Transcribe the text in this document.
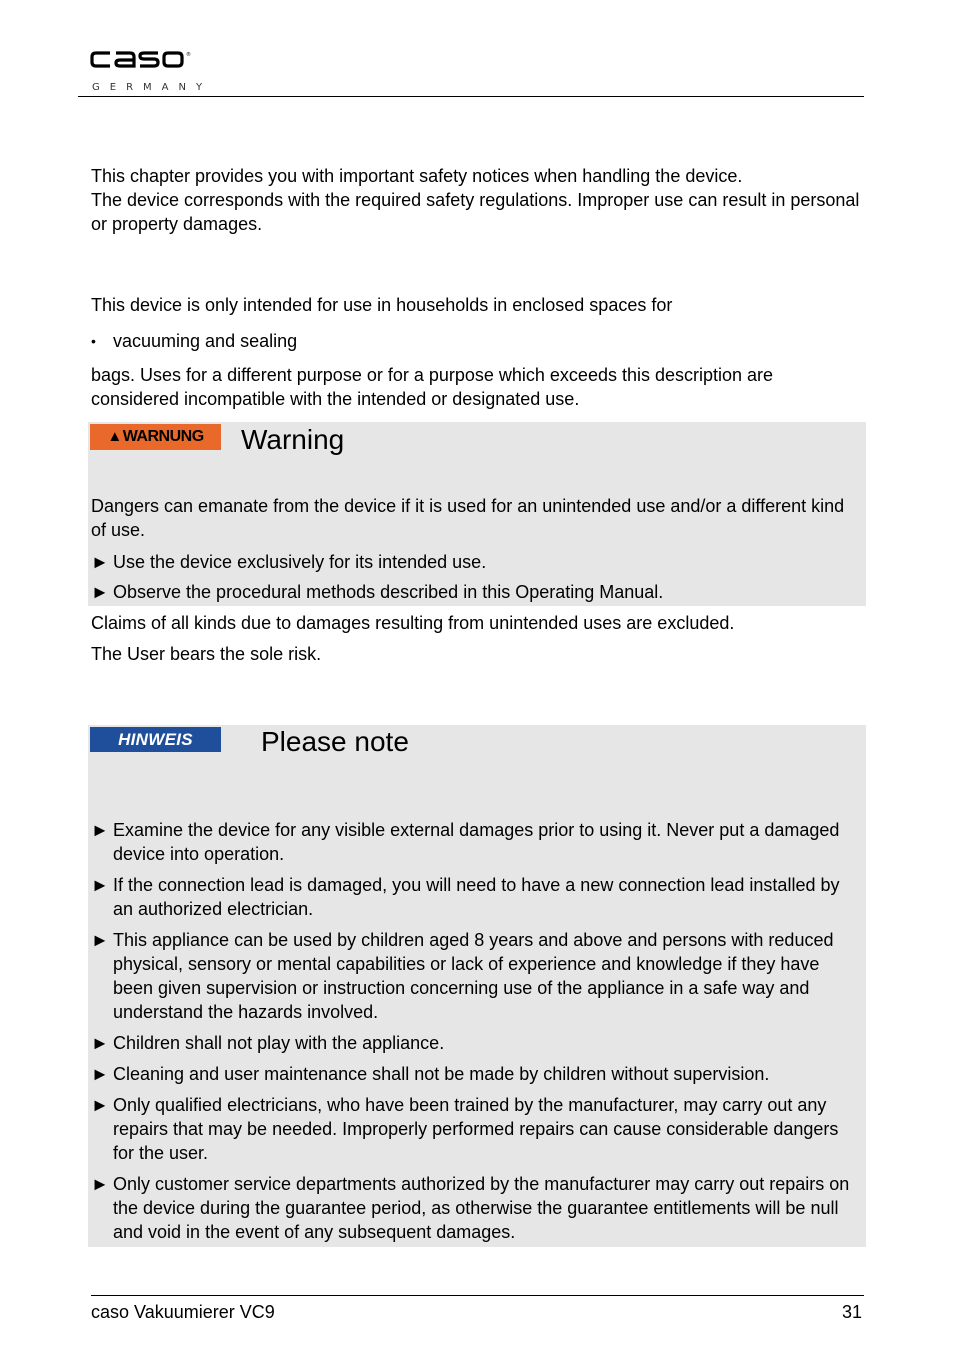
®
GERMANY

This chapter provides you with important safety notices when handling the device.
The device corresponds with the required safety regulations. Improper use can result in personal or property damages.

This device is only intended for use in households in enclosed spaces for

• vacuuming and sealing

bags. Uses for a different purpose or for a purpose which exceeds this description are considered incompatible with the intended or designated use.

▲WARNUNG	Warning

Dangers can emanate from the device if it is used for an unintended use and/or a different kind of use.

► Use the device exclusively for its intended use.
► Observe the procedural methods described in this Operating Manual.

Claims of all kinds due to damages resulting from unintended uses are excluded.

The User bears the sole risk.

HINWEIS	Please note
► Examine the device for any visible external damages prior to using it. Never put a damaged device into operation.
► If the connection lead is damaged, you will need to have a new connection lead installed by an authorized electrician.
► This appliance can be used by children aged 8 years and above and persons with reduced physical, sensory or mental capabilities or lack of experience and knowledge if they have been given supervision or instruction concerning use of the appliance in a safe way and understand the hazards involved.
► Children shall not play with the appliance.
► Cleaning and user maintenance shall not be made by children without supervision.
► Only qualified electricians, who have been trained by the manufacturer, may carry out any repairs that may be needed. Improperly performed repairs can cause considerable dangers for the user.
► Only customer service departments authorized by the manufacturer may carry out repairs on the device during the guarantee period, as otherwise the guarantee entitlements will be null and void in the event of any subsequent damages.
caso Vakuumierer VC9	31
